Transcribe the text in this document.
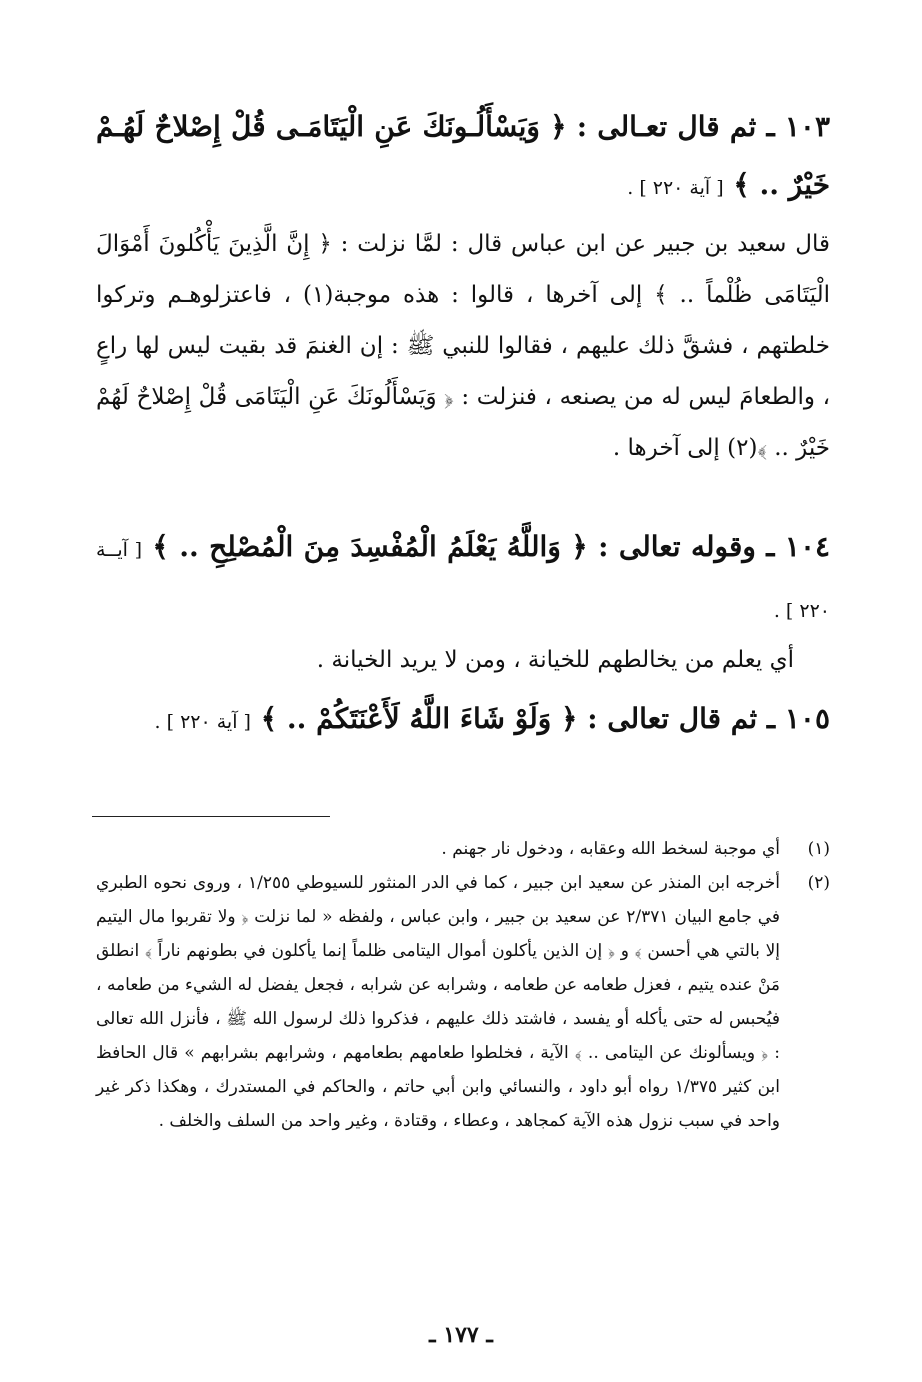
١٠٣ ـ ثم قال تعـالى : ﴿ وَيَسْأَلُـونَكَ عَنِ الْيَتَامَـى قُلْ إِصْلاحٌ لَهُـمْ خَيْرٌ .. ﴾ [ آية ٢٢٠ ] .

قال سعيد بن جبير عن ابن عباس قال : لمَّا نزلت : ﴿ إِنَّ الَّذِينَ يَأْكُلونَ أَمْوَالَ الْيَتَامَى ظُلْماً .. ﴾ إلى آخرها ، قالوا : هذه موجبة(١) ، فاعتزلوهـم وتركوا خلطتهم ، فشقَّ ذلك عليهم ، فقالوا للنبي ﷺ : إن الغنمَ قد بقيت ليس لها راعٍ ، والطعامَ ليس له من يصنعه ، فنزلت : ﴿ وَيَسْأَلُونَكَ عَنِ الْيَتَامَى قُلْ إِصْلاحٌ لَهُمْ خَيْرٌ .. ﴾(٢) إلى آخرها .

١٠٤ ـ وقوله تعالى : ﴿ وَاللَّهُ يَعْلَمُ الْمُفْسِدَ مِنَ الْمُصْلِحِ .. ﴾ [ آيــة ٢٢٠ ] .

أي يعلم من يخالطهم للخيانة ، ومن لا يريد الخيانة .

١٠٥ ـ ثم قال تعالى : ﴿ وَلَوْ شَاءَ اللَّهُ لَأَعْنَتَكُمْ .. ﴾ [ آية ٢٢٠ ] .
(١)
أي موجبة لسخط الله وعقابه ، ودخول نار جهنم .
(٢)
أخرجه ابن المنذر عن سعيد ابن جبير ، كما في الدر المنثور للسيوطي ١/٢٥٥ ، وروى نحوه الطبري في جامع البيان ٢/٣٧١ عن سعيد بن جبير ، وابن عباس ، ولفظه « لما نزلت ﴿ ولا تقربوا مال اليتيم إلا بالتي هي أحسن ﴾ و ﴿ إن الذين يأكلون أموال اليتامى ظلماً إنما يأكلون في بطونهم ناراً ﴾ انطلق مَنْ عنده يتيم ، فعزل طعامه عن طعامه ، وشرابه عن شرابه ، فجعل يفضل له الشيء من طعامه ، فيُحبس له حتى يأكله أو يفسد ، فاشتد ذلك عليهم ، فذكروا ذلك لرسول الله ﷺ ، فأنزل الله تعالى : ﴿ ويسألونك عن اليتامى .. ﴾ الآية ، فخلطوا طعامهم بطعامهم ، وشرابهم بشرابهم » قال الحافظ ابن كثير ١/٣٧٥ رواه أبو داود ، والنسائي وابن أبي حاتم ، والحاكم في المستدرك ، وهكذا ذكر غير واحد في سبب نزول هذه الآية كمجاهد ، وعطاء ، وقتادة ، وغير واحد من السلف والخلف .
ـ ١٧٧ ـ
